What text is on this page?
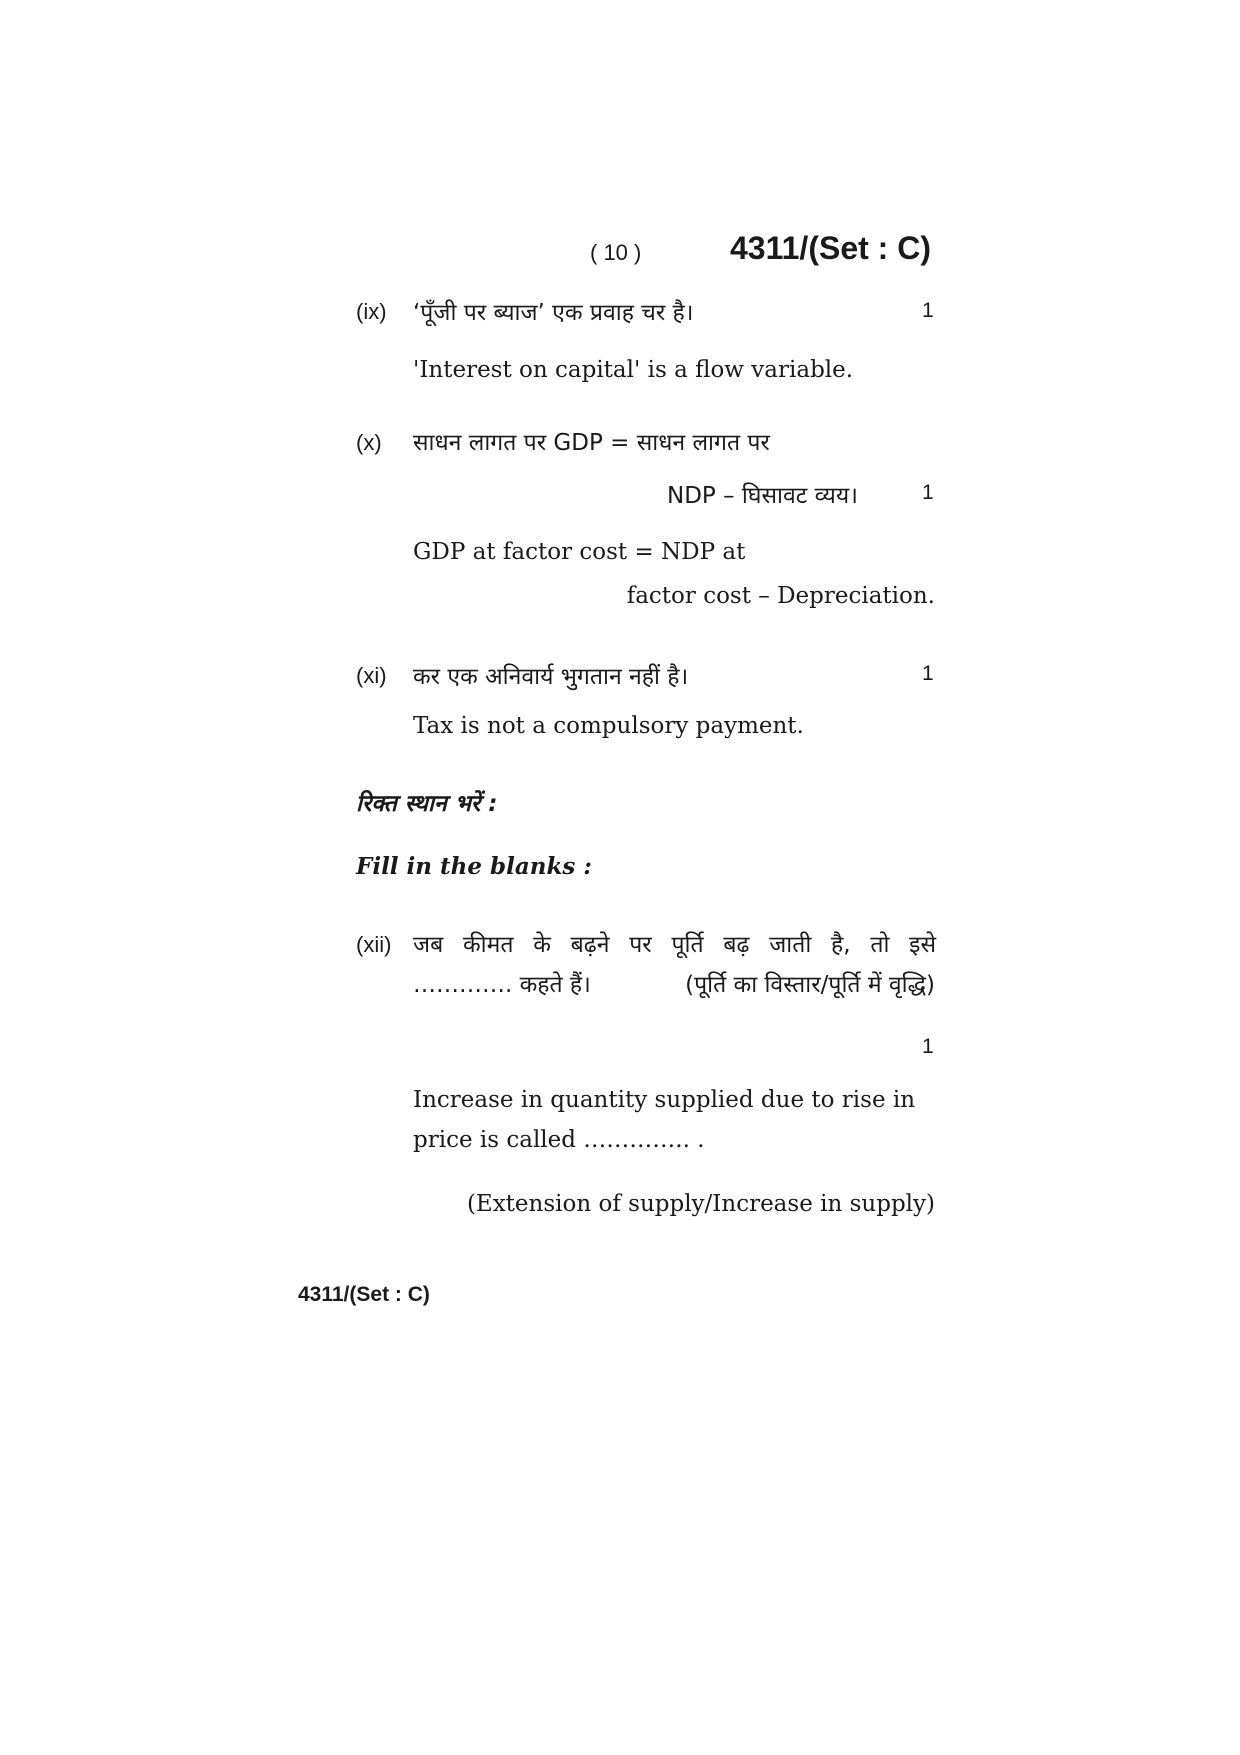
( 10 )	4311/(Set : C)
(ix) ‘पूँजी पर ब्याज’ एक प्रवाह चर है।	1
'Interest on capital' is a flow variable.
(x) साधन लागत पर GDP = साधन लागत पर
NDP – घिसावट व्यय।	1
GDP at factor cost = NDP at
factor cost – Depreciation.
(xi) कर एक अनिवार्य भुगतान नहीं है।	1
Tax is not a compulsory payment.
रिक्त स्थान भरें :
Fill in the blanks :
(xii) जब कीमत के बढ़ने पर पूर्ति बढ़ जाती है, तो इसे
…………. कहते हैं।	(पूर्ति का विस्तार/पूर्ति में वृद्धि)
1
Increase in quantity supplied due to rise in
price is called ………….. .
(Extension of supply/Increase in supply)
4311/(Set : C)
